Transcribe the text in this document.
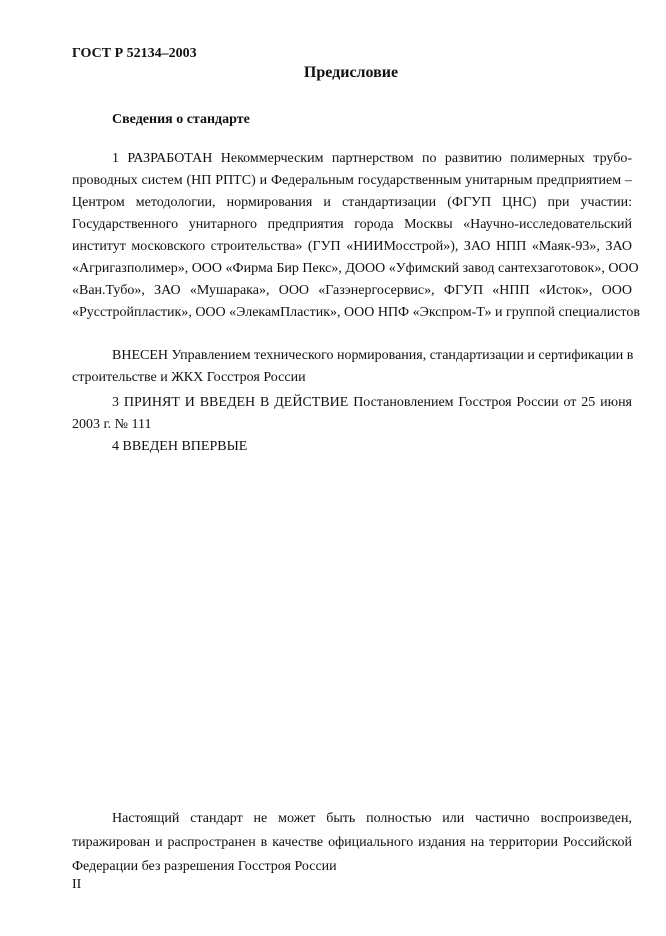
ГОСТ Р 52134–2003

Предисловие

Сведения о стандарте

1 РАЗРАБОТАН Некоммерческим партнерством по развитию полимерных трубо-
проводных систем (НП РПТС) и Федеральным государственным унитарным предприятием –
Центром методологии, нормирования и стандартизации (ФГУП ЦНС) при участии:
Государственного унитарного предприятия города Москвы «Научно-исследовательский
институт московского строительства» (ГУП «НИИМосстрой»), ЗАО НПП «Маяк-93», ЗАО
«Агригазполимер», ООО «Фирма Бир Пекс», ДООО «Уфимский завод сантехзаготовок», ООО
«Ван.Тубо», ЗАО «Мушарака», ООО «Газэнергосервис», ФГУП «НПП «Исток», ООО
«Русстройпластик», ООО «ЭлекамПластик», ООО НПФ «Экспром-Т» и группой специалистов
ВНЕСЕН Управлением технического нормирования, стандартизации и сертификации в
строительстве и ЖКХ Госстроя России
3 ПРИНЯТ И ВВЕДЕН В ДЕЙСТВИЕ Постановлением Госстроя России от 25 июня
2003 г. № 111
4 ВВЕДЕН ВПЕРВЫЕ
Настоящий стандарт не может быть полностью или частично воспроизведен,
тиражирован и распространен в качестве официального издания на территории Российской
Федерации без разрешения Госстроя России

II
